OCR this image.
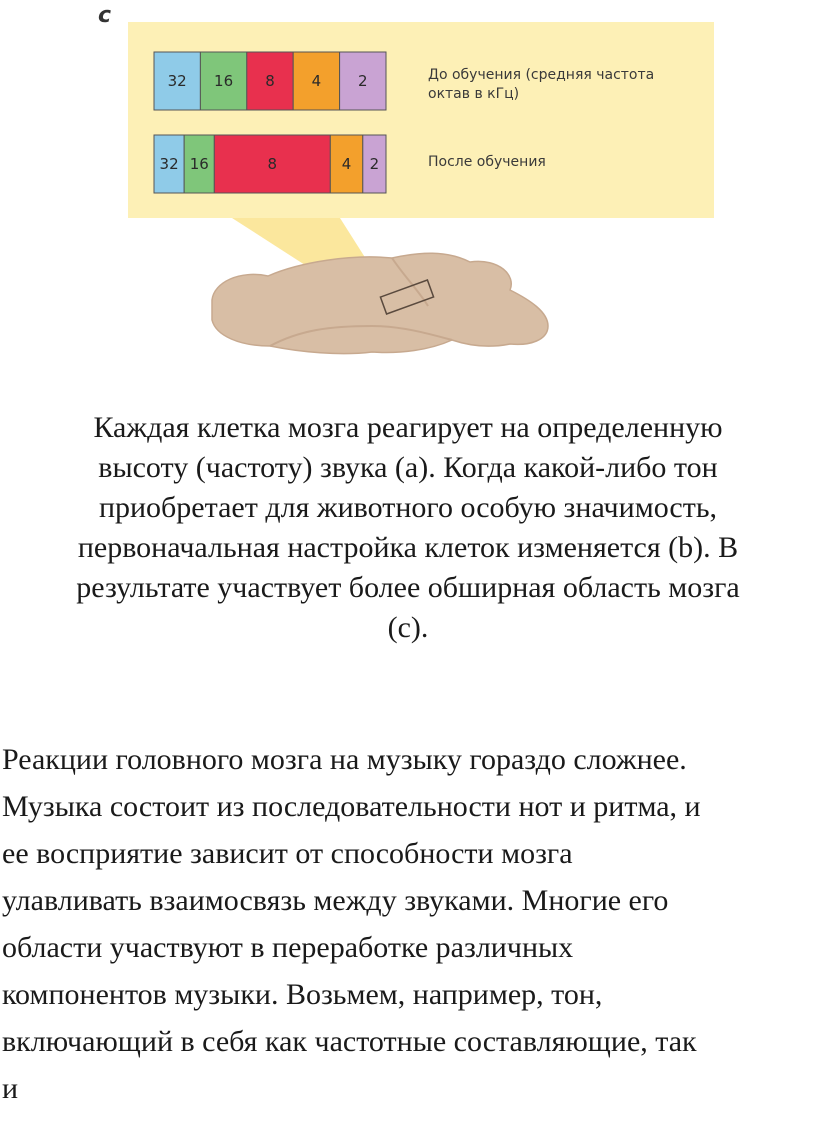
c
32 16 8 4 2
32 16	8	4 2
До обучения (средняя частота
октав в кГц)
После обучения

Каждая клетка мозга реагирует на определенную

высоту (частоту) звука (а). Когда какой-либо тон

приобретает для животного особую значимость,

первоначальная настройка клеток изменяется (b). В

результате участвует более обширная область мозга

(с).

Реакции головного мозга на музыку гораздо сложнее.

Музыка состоит из последовательности нот и ритма, и

ее восприятие зависит от способности мозга

улавливать взаимосвязь между звуками. Многие его

области участвуют в переработке различных

компонентов музыки. Возьмем, например, тон,

включающий в себя как частотные составляющие, так

и
